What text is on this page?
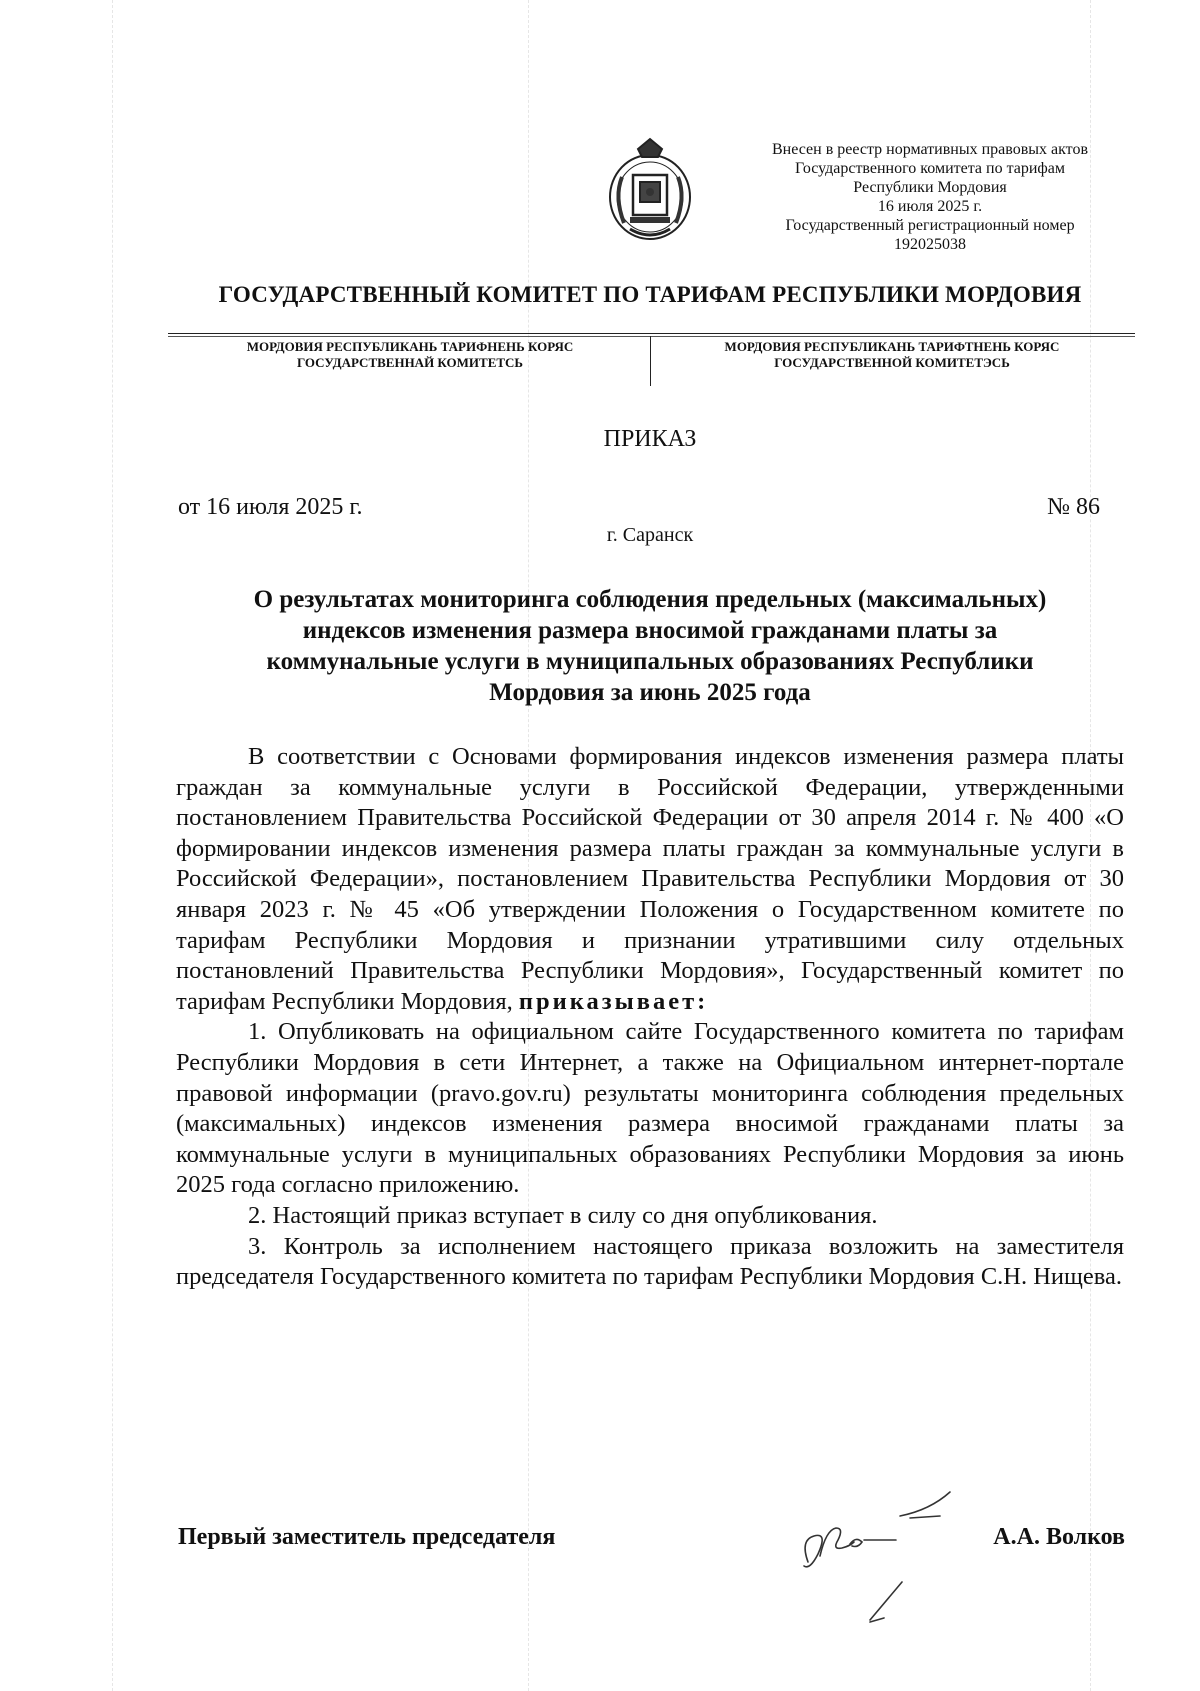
Внесен в реестр нормативных правовых актов
Государственного комитета по тарифам
Республики Мордовия
16 июля 2025 г.
Государственный регистрационный номер
192025038
ГОСУДАРСТВЕННЫЙ КОМИТЕТ ПО ТАРИФАМ РЕСПУБЛИКИ МОРДОВИЯ
МОРДОВИЯ РЕСПУБЛИКАНЬ ТАРИФНЕНЬ КОРЯС
ГОСУДАРСТВЕННАЙ КОМИТЕТСЬ
МОРДОВИЯ РЕСПУБЛИКАНЬ ТАРИФТНЕНЬ КОРЯС
ГОСУДАРСТВЕННОЙ КОМИТЕТЭСЬ
ПРИКАЗ
от 16 июля 2025 г.	№ 86
г. Саранск
О результатах мониторинга соблюдения предельных (максимальных)
индексов изменения размера вносимой гражданами платы за
коммунальные услуги в муниципальных образованиях Республики
Мордовия за июнь 2025 года

В соответствии с Основами формирования индексов изменения размера платы граждан за коммунальные услуги в Российской Федерации, утвержденными постановлением Правительства Российской Федерации от 30 апреля 2014 г. № 400 «О формировании индексов изменения размера платы граждан за коммунальные услуги в Российской Федерации», постановлением Правительства Республики Мордовия от 30 января 2023 г. № 45 «Об утверждении Положения о Государственном комитете по тарифам Республики Мордовия и признании утратившими силу отдельных постановлений Правительства Республики Мордовия», Государственный комитет по тарифам Республики Мордовия, приказывает:

1. Опубликовать на официальном сайте Государственного комитета по тарифам Республики Мордовия в сети Интернет, а также на Официальном интернет-портале правовой информации (pravo.gov.ru) результаты мониторинга соблюдения предельных (максимальных) индексов изменения размера вносимой гражданами платы за коммунальные услуги в муниципальных образованиях Республики Мордовия за июнь 2025 года согласно приложению.

2. Настоящий приказ вступает в силу со дня опубликования.

3. Контроль за исполнением настоящего приказа возложить на заместителя председателя Государственного комитета по тарифам Республики Мордовия С.Н. Нищева.

Первый заместитель председателя	А.А. Волков
